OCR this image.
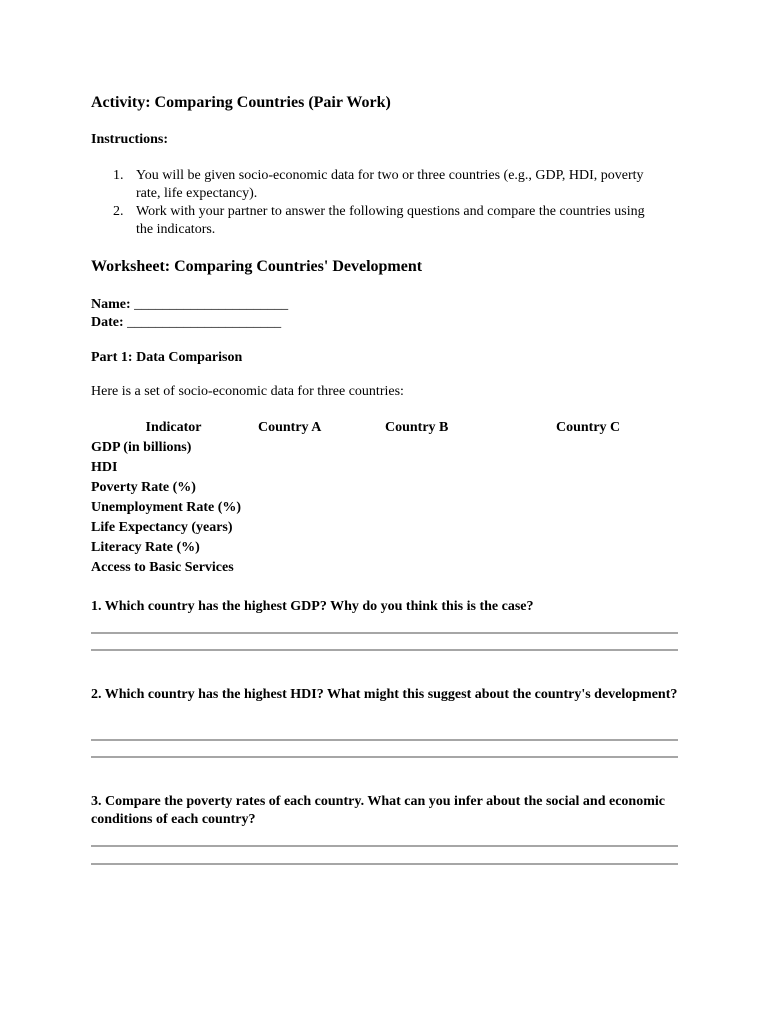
Activity: Comparing Countries (Pair Work)
Instructions:
1. You will be given socio-economic data for two or three countries (e.g., GDP, HDI, poverty rate, life expectancy).
2. Work with your partner to answer the following questions and compare the countries using the indicators.
Worksheet: Comparing Countries' Development
Name: ______________________
Date: ______________________
Part 1: Data Comparison
Here is a set of socio-economic data for three countries:
Indicator	Country A	Country B	Country C
GDP (in billions)			
HDI			
Poverty Rate (%)			
Unemployment Rate (%)			
Life Expectancy (years)			
Literacy Rate (%)			
Access to Basic Services			
1. Which country has the highest GDP? Why do you think this is the case?
2. Which country has the highest HDI? What might this suggest about the country's development?
3. Compare the poverty rates of each country. What can you infer about the social and economic conditions of each country?
